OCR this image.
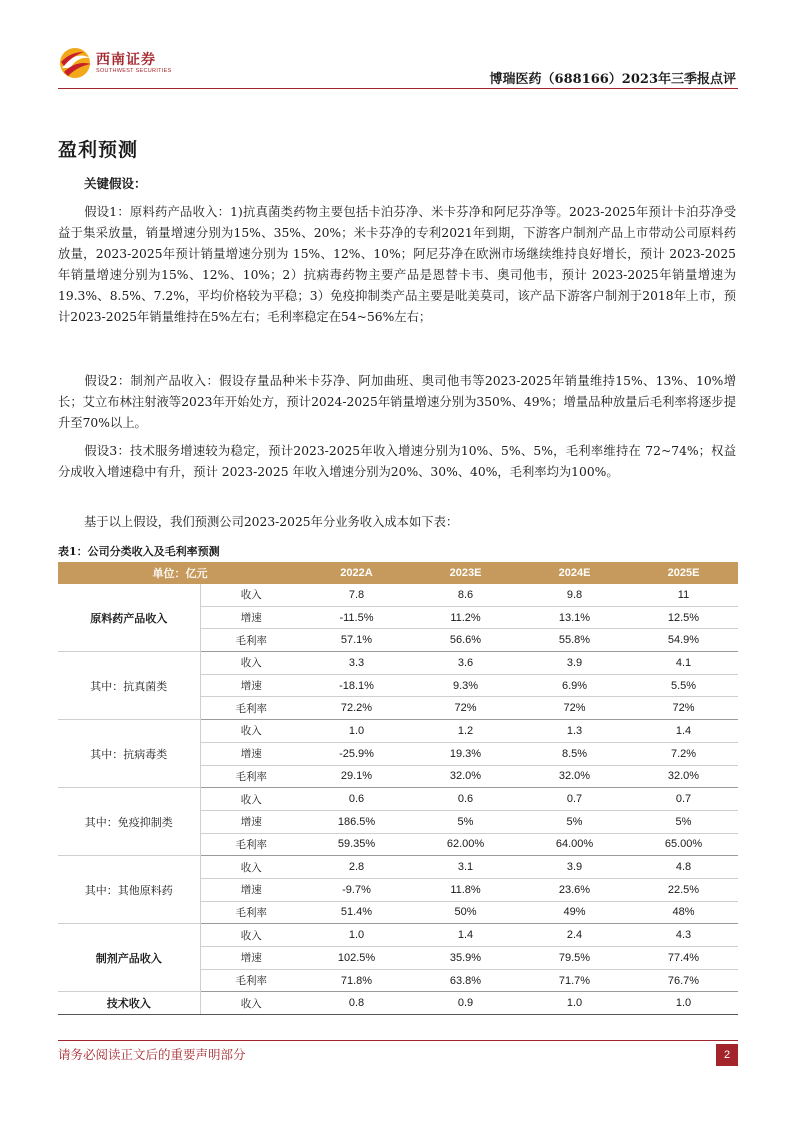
西南证券
SOUTHWEST SECURITIES
博瑞医药（688166）2023年三季报点评
盈利预测
关键假设：
假设1：原料药产品收入：1)抗真菌类药物主要包括卡泊芬净、米卡芬净和阿尼芬净等。2023-2025年预计卡泊芬净受益于集采放量，销量增速分别为15%、35%、20%；米卡芬净的专利2021年到期，下游客户制剂产品上市带动公司原料药放量，2023-2025年预计销量增速分别为 15%、12%、10%；阿尼芬净在欧洲市场继续维持良好增长，预计 2023-2025年销量增速分别为15%、12%、10%；2）抗病毒药物主要产品是恩替卡韦、奥司他韦，预计 2023-2025年销量增速为19.3%、8.5%、7.2%，平均价格较为平稳；3）免疫抑制类产品主要是吡美莫司，该产品下游客户制剂于2018年上市，预计2023-2025年销量维持在5%左右；毛利率稳定在54~56%左右；
假设2：制剂产品收入：假设存量品种米卡芬净、阿加曲班、奥司他韦等2023-2025年销量维持15%、13%、10%增长；艾立布林注射液等2023年开始处方，预计2024-2025年销量增速分别为350%、49%；增量品种放量后毛利率将逐步提升至70%以上。
假设3：技术服务增速较为稳定，预计2023-2025年收入增速分别为10%、5%、5%，毛利率维持在 72~74%；权益分成收入增速稳中有升，预计 2023-2025 年收入增速分别为20%、30%、40%，毛利率均为100%。
基于以上假设，我们预测公司2023-2025年分业务收入成本如下表：
表1：公司分类收入及毛利率预测
单位：亿元		2022A	2023E	2024E	2025E
原料药产品收入	收入	7.8	8.6	9.8	11
	增速	-11.5%	11.2%	13.1%	12.5%
	毛利率	57.1%	56.6%	55.8%	54.9%
其中：抗真菌类	收入	3.3	3.6	3.9	4.1
	增速	-18.1%	9.3%	6.9%	5.5%
	毛利率	72.2%	72%	72%	72%
其中：抗病毒类	收入	1.0	1.2	1.3	1.4
	增速	-25.9%	19.3%	8.5%	7.2%
	毛利率	29.1%	32.0%	32.0%	32.0%
其中：免疫抑制类	收入	0.6	0.6	0.7	0.7
	增速	186.5%	5%	5%	5%
	毛利率	59.35%	62.00%	64.00%	65.00%
其中：其他原料药	收入	2.8	3.1	3.9	4.8
	增速	-9.7%	11.8%	23.6%	22.5%
	毛利率	51.4%	50%	49%	48%
制剂产品收入	收入	1.0	1.4	2.4	4.3
	增速	102.5%	35.9%	79.5%	77.4%
	毛利率	71.8%	63.8%	71.7%	76.7%
技术收入	收入	0.8	0.9	1.0	1.0
请务必阅读正文后的重要声明部分	2
